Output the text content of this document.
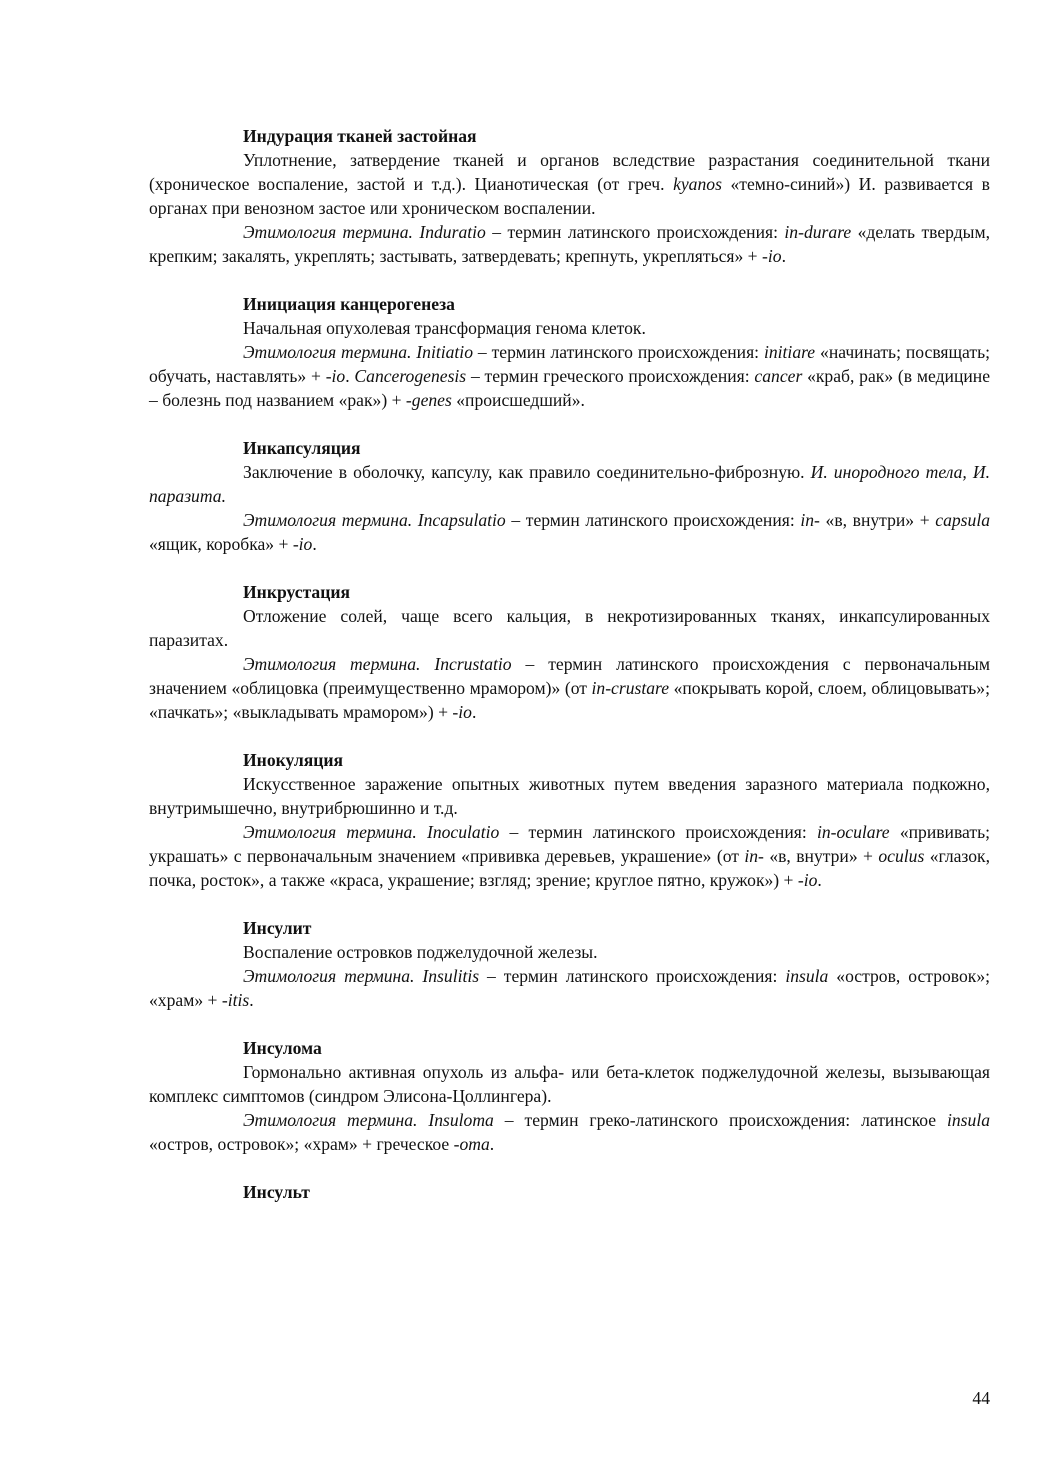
Индурация тканей застойная

Уплотнение, затвердение тканей и органов вследствие разрастания соединительной ткани (хроническое воспаление, застой и т.д.). Цианотическая (от греч. kyanos «темно-синий») И. развивается в органах при венозном застое или хроническом воспалении.

Этимология термина. Induratio – термин латинского происхождения: in-durare «делать твердым, крепким; закалять, укреплять; застывать, затвердевать; крепнуть, укрепляться» + -io.

Инициация канцерогенеза

Начальная опухолевая трансформация генома клеток.

Этимология термина. Initiatio – термин латинского происхождения: initiare «начинать; посвящать; обучать, наставлять» + -io. Cancerogenesis – термин греческого происхождения: cancer «краб, рак» (в медицине – болезнь под названием «рак») + -genes «происшедший».

Инкапсуляция

Заключение в оболочку, капсулу, как правило соединительно-фиброзную. И. инородного тела, И. паразита.

Этимология термина. Incapsulatio – термин латинского происхождения: in- «в, внутри» + capsula «ящик, коробка» + -io.

Инкрустация

Отложение солей, чаще всего кальция, в некротизированных тканях, инкапсулированных паразитах.

Этимология термина. Incrustatio – термин латинского происхождения с первоначальным значением «облицовка (преимущественно мрамором)» (от in-crustare «покрывать корой, слоем, облицовывать»; «пачкать»; «выкладывать мрамором») + -io.

Инокуляция

Искусственное заражение опытных животных путем введения заразного материала подкожно, внутримышечно, внутрибрюшинно и т.д.

Этимология термина. Inoculatio – термин латинского происхождения: in-oculare «прививать; украшать» с первоначальным значением «прививка деревьев, украшение» (от in- «в, внутри» + oculus «глазок, почка, росток», а также «краса, украшение; взгляд; зрение; круглое пятно, кружок») + -io.

Инсулит

Воспаление островков поджелудочной железы.

Этимология термина. Insulitis – термин латинского происхождения: insula «остров, островок»; «храм» + -itis.

Инсулома

Гормонально активная опухоль из альфа- или бета-клеток поджелудочной железы, вызывающая комплекс симптомов (синдром Элисона-Цоллингера).

Этимология термина. Insuloma – термин греко-латинского происхождения: латинское insula «остров, островок»; «храм» + греческое -oma.

Инсульт
44
